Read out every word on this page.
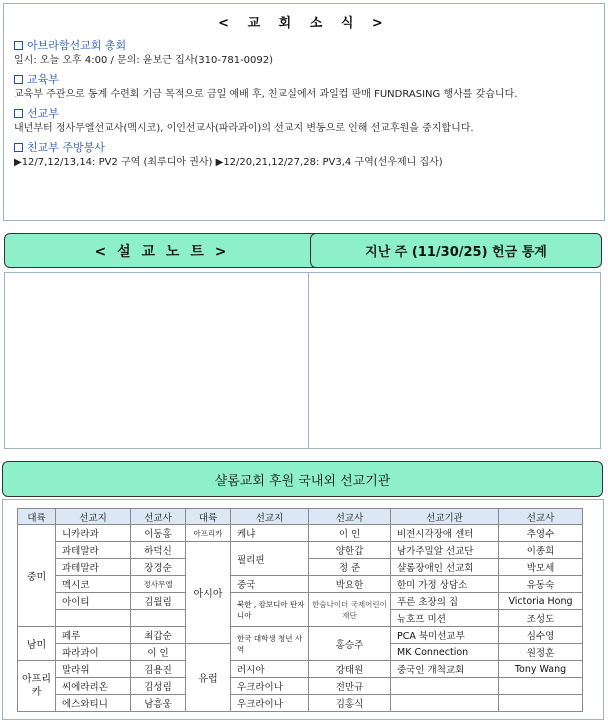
< 교 회 소 식 >
아브라함선교회 총회
일시: 오늘 오후 4:00 / 문의: 윤보근 집사(310-781-0092)
교육부
교육부 주관으로 동계 수련회 기금 목적으로 금일 예배 후, 친교실에서 과일컵 판매 FUNDRASING 행사를 갖습니다.
선교부
내년부터 정사무엘선교사(멕시코), 이인선교사(파라과이)의 선교지 변동으로 인해 선교후원을 중지합니다.
친교부 주방봉사
▶12/7,12/13,14: PV2 구역 (최루디아 권사) ▶12/20,21,12/27,28: PV3,4 구역(선우제니 집사)
< 설 교 노 트 >	지난 주 (11/30/25) 헌금 통계
샬롬교회 후원 국내외 선교기관
대륙	선교지	선교사	대륙	선교지	선교사	선교기관	선교사
중미	니카라과	이동홍	아프리카	케냐	이 인	비전시각장애 센터	추영수
	과테말라	하덕신	아시아	필리핀	양한갑	남가주밀알 선교단	이종희
	과테말라	장경순			정 준	샬롬장애인 선교회	박모세
	멕시코	정사무엘		중국	박요한	한미 가정 상담소	유동숙
	아이티	김월림		북한 , 캄보디아 탄자니아	한숨나이더 국제어린이 재단	푸른 초장의 집	Victoria Hong
						뉴호프 미션	조성도
남미	페루	최갑순		한국 대학생 청년 사역	홍승주	PCA 북미선교부	심수영
	파라과이	이 인	유럽			MK Connection	원정훈
아프리카	말라위	김용진		러시아	강태원	중국인 개척교회	Tony Wang
	씨에라리온	김성림		우크라이나	전만규		
	에스와티니	남흥웅		우크라이나	김홍식		
